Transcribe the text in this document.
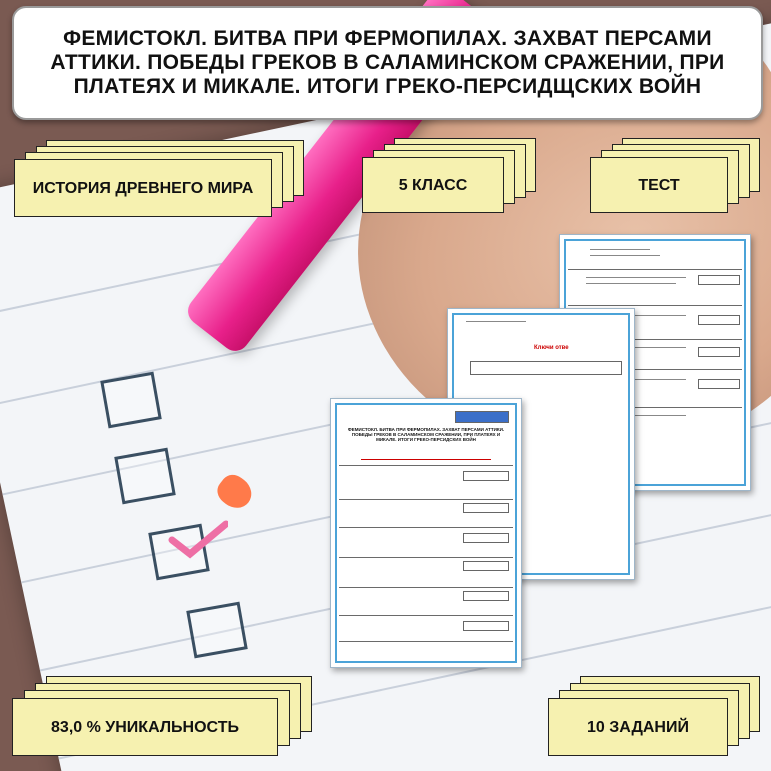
ФЕМИСТОКЛ. БИТВА ПРИ ФЕРМОПИЛАХ. ЗАХВАТ ПЕРСАМИ АТТИКИ. ПОБЕДЫ ГРЕКОВ В САЛАМИНСКОМ СРАЖЕНИИ, ПРИ ПЛАТЕЯХ И МИКАЛЕ. ИТОГИ ГРЕКО-ПЕРСИДЩСКИХ ВОЙН
ИСТОРИЯ ДРЕВНЕГО МИРА	5 КЛАСС	ТЕСТ
Ключи отве
ФЕМИСТОКЛ. БИТВА ПРИ ФЕРМОПИЛАХ. ЗАХВАТ ПЕРСАМИ АТТИКИ. ПОБЕДЫ ГРЕКОВ В САЛАМИНСКОМ СРАЖЕНИИ, ПРИ ПЛАТЕЯХ И МИКАЛЕ. ИТОГИ ГРЕКО-ПЕРСИДСКИХ ВОЙН
83,0 % УНИКАЛЬНОСТЬ	10 ЗАДАНИЙ
